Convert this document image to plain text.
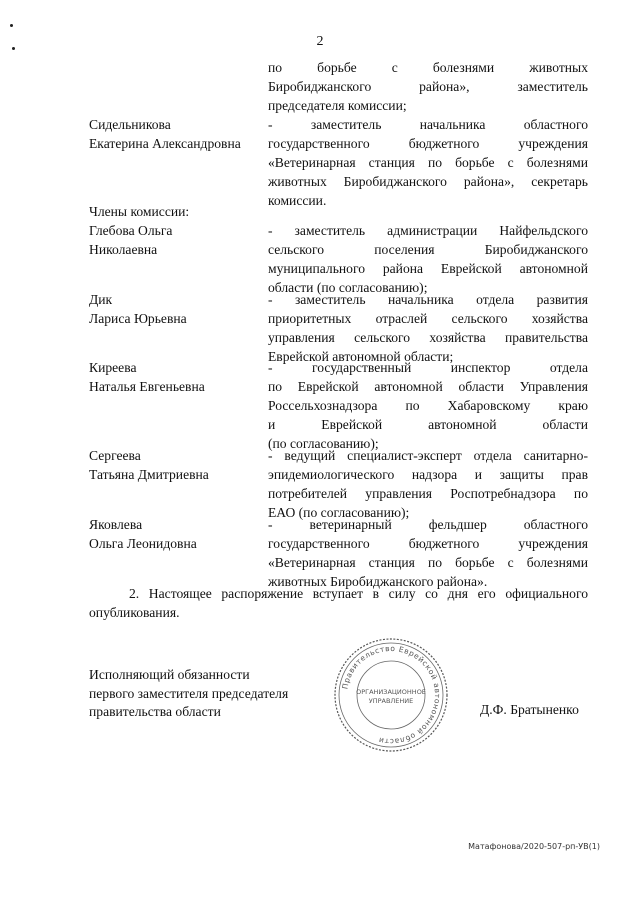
2
по борьбе с болезнями животных
Биробиджанского района», заместитель
председателя комиссии;
Сидельникова
Екатерина Александровна
- заместитель начальника областного
государственного бюджетного учреждения
«Ветеринарная станция по борьбе с болезнями
животных Биробиджанского района», секретарь
комиссии.
Члены комиссии:
Глебова Ольга
Николаевна
- заместитель администрации Найфельдского
сельского поселения Биробиджанского
муниципального района Еврейской автономной
области (по согласованию);
Дик
Лариса Юрьевна
- заместитель начальника отдела развития
приоритетных отраслей сельского хозяйства
управления сельского хозяйства правительства
Еврейской автономной области;
Киреева
Наталья Евгеньевна
- государственный инспектор отдела
по Еврейской автономной области Управления
Россельхознадзора по Хабаровскому краю
и Еврейской автономной области
(по согласованию);
Сергеева
Татьяна Дмитриевна
- ведущий специалист-эксперт отдела санитарно-
эпидемиологического надзора и защиты прав
потребителей управления Роспотребнадзора по
ЕАО (по согласованию);
Яковлева
Ольга Леонидовна
- ветеринарный фельдшер областного
государственного бюджетного учреждения
«Ветеринарная станция по борьбе с болезнями
животных Биробиджанского района».
2. Настоящее распоряжение вступает в силу со дня его официального опубликования.
Исполняющий обязанности
первого заместителя председателя
правительства области
Правительство Еврейской автономной области
ОРГАНИЗАЦИОННОЕ
УПРАВЛЕНИЕ
Д.Ф. Братыненко
Матафонова/2020-507-рп-УВ(1)
